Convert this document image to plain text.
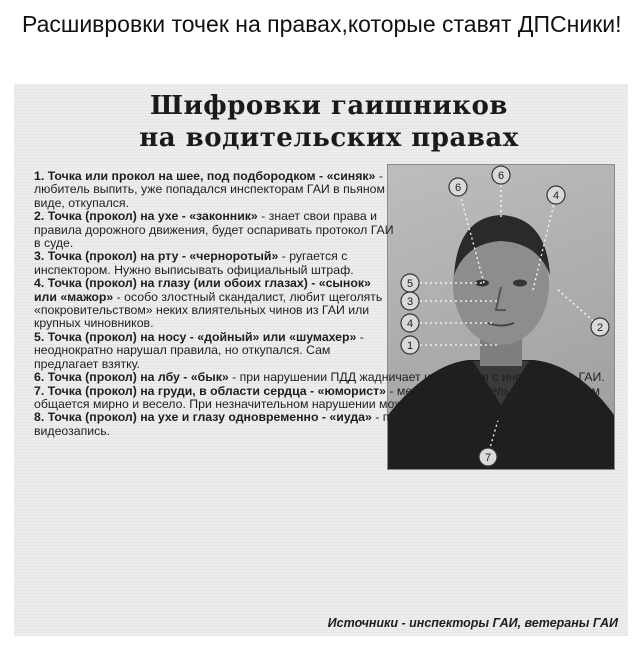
Расшивровки точек на правах,которые ставят ДПСники!
Шифровки гаишников
на водительских правах
6
6
4
2
5
3
4
1
7

1. Точка или прокол на шее, под подбородком - «синяк» - любитель выпить, уже попадался инспекторам ГАИ в пьяном виде, откупался.

2. Точка (прокол) на ухе - «законник» - знает свои права и правила дорожного движения, будет оспаривать протокол ГАИ в суде.

3. Точка (прокол) на рту - «чернοротый» - ругается с инспектором. Нужно выписывать официальный штраф.

4. Точка (прокол) на глазу (или обоих глазах) - «сынок» или «мажор» - особо злостный скандалист, любит щеголять «покровительством» неких влиятельных чинов из ГАИ или крупных чиновников.

5. Точка (прокол) на носу - «дойный» или «шумахер» - неоднократно нарушал правила, но откупался. Сам предлагает взятку.

6. Точка (прокол) на лбу - «бык» - при нарушении ПДД жадничает и торгуется с инспектором ГАИ.

7. Точка (прокол) на груди, в области сердца - «юморист» - мелкий нарушитель, с инспектором общается мирно и весело. При незначительном нарушении можно и отпустить.

8. Точка (прокол) на ухе и глазу одновременно - «иуда» - провокатор, может вести аудио- или видеозапись.

Источники - инспекторы ГАИ, ветераны ГАИ
